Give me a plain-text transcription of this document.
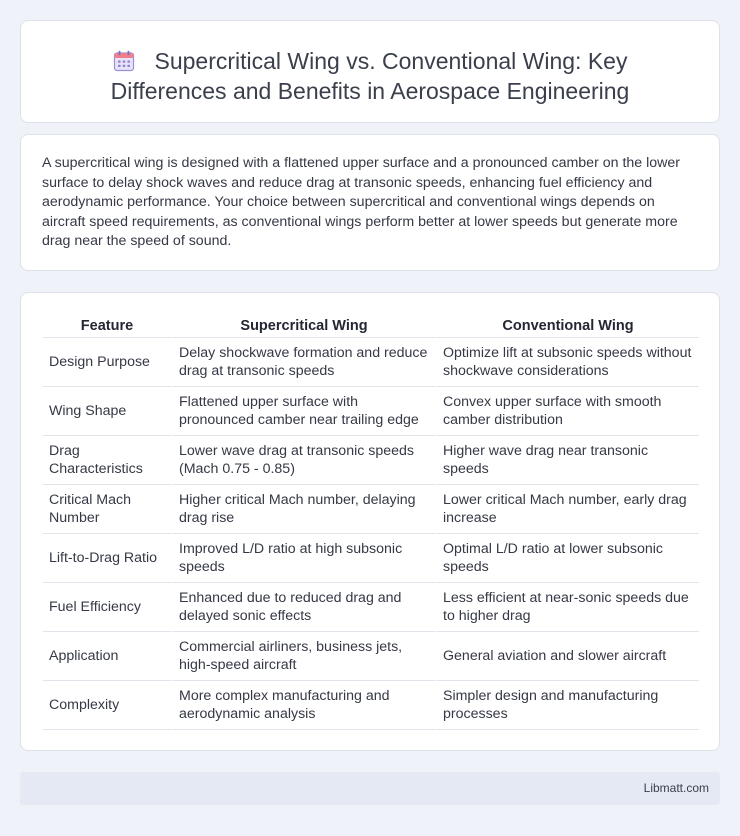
Supercritical Wing vs. Conventional Wing: Key Differences and Benefits in Aerospace Engineering

A supercritical wing is designed with a flattened upper surface and a pronounced camber on the lower surface to delay shock waves and reduce drag at transonic speeds, enhancing fuel efficiency and aerodynamic performance. Your choice between supercritical and conventional wings depends on aircraft speed requirements, as conventional wings perform better at lower speeds but generate more drag near the speed of sound.

Feature	Supercritical Wing	Conventional Wing
Design Purpose	Delay shockwave formation and reduce drag at transonic speeds	Optimize lift at subsonic speeds without shockwave considerations
Wing Shape	Flattened upper surface with pronounced camber near trailing edge	Convex upper surface with smooth camber distribution
Drag Characteristics	Lower wave drag at transonic speeds (Mach 0.75 - 0.85)	Higher wave drag near transonic speeds
Critical Mach Number	Higher critical Mach number, delaying drag rise	Lower critical Mach number, early drag increase
Lift-to-Drag Ratio	Improved L/D ratio at high subsonic speeds	Optimal L/D ratio at lower subsonic speeds
Fuel Efficiency	Enhanced due to reduced drag and delayed sonic effects	Less efficient at near-sonic speeds due to higher drag
Application	Commercial airliners, business jets, high-speed aircraft	General aviation and slower aircraft
Complexity	More complex manufacturing and aerodynamic analysis	Simpler design and manufacturing processes
Libmatt.com
